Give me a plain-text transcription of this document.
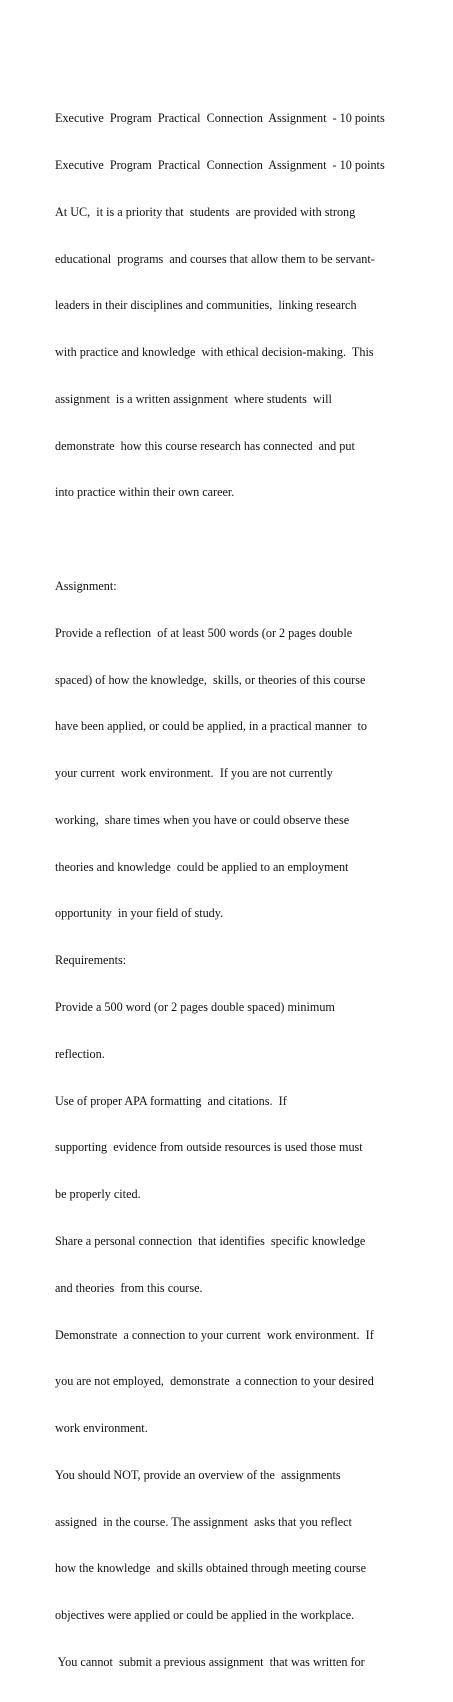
Executive  Program  Practical  Connection  Assignment  - 10 points

Executive  Program  Practical  Connection  Assignment  - 10 points

At UC,  it is a priority that  students  are provided with strong

educational  programs  and courses that allow them to be servant-

leaders in their disciplines and communities,  linking research

with practice and knowledge  with ethical decision-making.  This

assignment  is a written assignment  where students  will

demonstrate  how this course research has connected  and put

into practice within their own career.

Assignment:

Provide a reflection  of at least 500 words (or 2 pages double

spaced) of how the knowledge,  skills, or theories of this course

have been applied, or could be applied, in a practical manner  to

your current  work environment.  If you are not currently

working,  share times when you have or could observe these

theories and knowledge  could be applied to an employment

opportunity  in your field of study.

Requirements:

Provide a 500 word (or 2 pages double spaced) minimum

reflection.

Use of proper APA formatting  and citations.  If

supporting  evidence from outside resources is used those must

be properly cited.

Share a personal connection  that identifies  specific knowledge

and theories  from this course.

Demonstrate  a connection to your current  work environment.  If

you are not employed,  demonstrate  a connection to your desired

work environment.

You should NOT, provide an overview of the  assignments

assigned  in the course. The assignment  asks that you reflect

how the knowledge  and skills obtained through meeting course

objectives were applied or could be applied in the workplace.

You cannot  submit a previous assignment  that was written for
